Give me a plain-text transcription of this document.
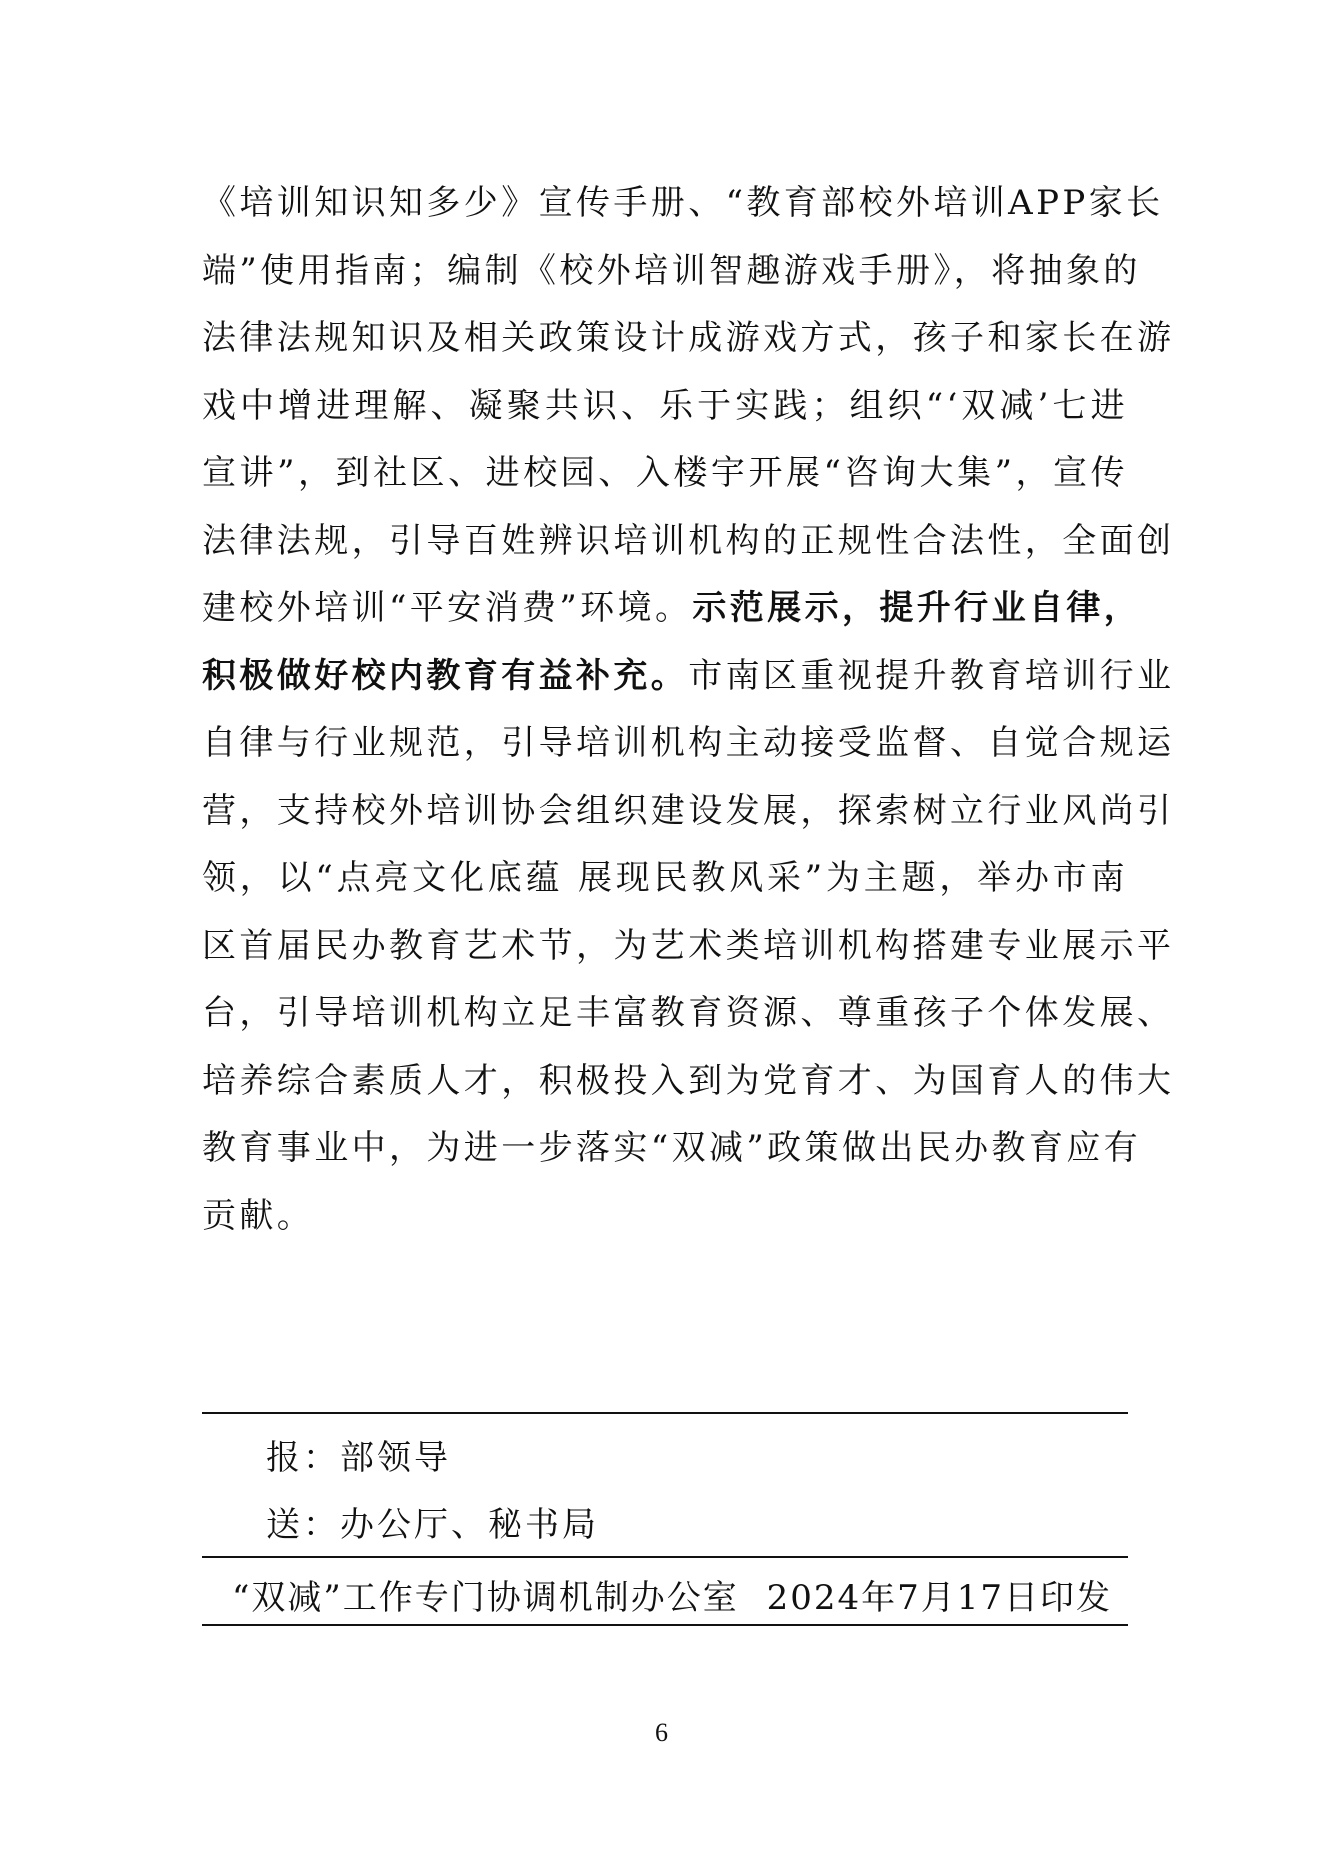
《培训知识知多少》宣传手册、“教育部校外培训APP家长
端”使用指南；编制《校外培训智趣游戏手册》，将抽象的
法律法规知识及相关政策设计成游戏方式，孩子和家长在游
戏中增进理解、凝聚共识、乐于实践；组织“‘双减’七进
宣讲”，到社区、进校园、入楼宇开展“咨询大集”，宣传
法律法规，引导百姓辨识培训机构的正规性合法性，全面创
建校外培训“平安消费”环境。示范展示，提升行业自律，
积极做好校内教育有益补充。市南区重视提升教育培训行业
自律与行业规范，引导培训机构主动接受监督、自觉合规运
营，支持校外培训协会组织建设发展，探索树立行业风尚引
领，以“点亮文化底蕴 展现民教风采”为主题，举办市南
区首届民办教育艺术节，为艺术类培训机构搭建专业展示平
台，引导培训机构立足丰富教育资源、尊重孩子个体发展、
培养综合素质人才，积极投入到为党育才、为国育人的伟大
教育事业中，为进一步落实“双减”政策做出民办教育应有
贡献。

报：部领导

送：办公厅、秘书局

“双减”工作专门协调机制办公室 2024年7月17日印发
6
